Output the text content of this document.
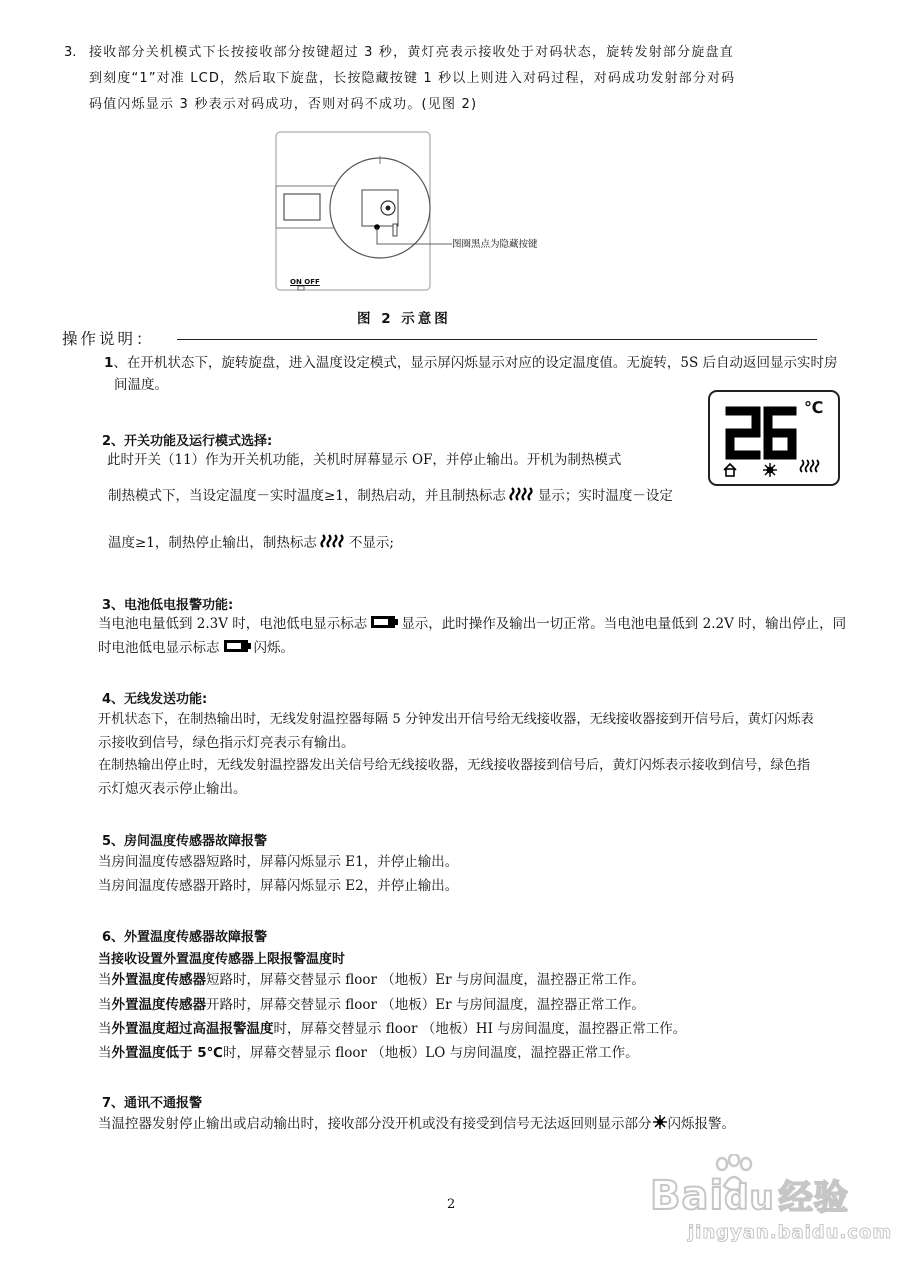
3. 接收部分关机模式下长按接收部分按键超过 3 秒，黄灯亮表示接收处于对码状态，旋转发射部分旋盘直
到刻度“1”对准 LCD，然后取下旋盘，长按隐藏按键 1 秒以上则进入对码过程，对码成功发射部分对码
码值闪烁显示 3 秒表示对码成功，否则对码不成功。(见图 2)
图圈黑点为隐藏按键
ON OFF
图 2 示意图
操作说明：
1、在开机状态下，旋转旋盘，进入温度设定模式，显示屏闪烁显示对应的设定温度值。无旋转，5S 后自动返回显示实时房
间温度。
℃
2、开关功能及运行模式选择:
此时开关（11）作为开关机功能，关机时屏幕显示 OF，并停止输出。开机为制热模式
制热模式下，当设定温度－实时温度≥1，制热启动，并且制热标志 显示；实时温度－设定
温度≥1，制热停止输出，制热标志 不显示;
3、电池低电报警功能:
当电池电量低到 2.3V 时，电池低电显示标志	显示，此时操作及输出一切正常。当电池电量低到 2.2V 时，输出停止，同
时电池低电显示标志	闪烁。
4、无线发送功能:
开机状态下，在制热输出时，无线发射温控器每隔 5 分钟发出开信号给无线接收器，无线接收器接到开信号后，黄灯闪烁表
示接收到信号，绿色指示灯亮表示有输出。
在制热输出停止时，无线发射温控器发出关信号给无线接收器，无线接收器接到信号后，黄灯闪烁表示接收到信号，绿色指
示灯熄灭表示停止输出。
5、房间温度传感器故障报警
当房间温度传感器短路时，屏幕闪烁显示 E1，并停止输出。
当房间温度传感器开路时，屏幕闪烁显示 E2，并停止输出。
6、外置温度传感器故障报警
当接收设置外置温度传感器上限报警温度时
当外置温度传感器短路时，屏幕交替显示 floor （地板）Er 与房间温度，温控器正常工作。
当外置温度传感器开路时，屏幕交替显示 floor （地板）Er 与房间温度，温控器正常工作。
当外置温度超过高温报警温度时，屏幕交替显示 floor （地板）HI 与房间温度，温控器正常工作。
当外置温度低于 5℃时，屏幕交替显示 floor （地板）LO 与房间温度，温控器正常工作。
7、通讯不通报警
当温控器发射停止输出或启动输出时，接收部分没开机或没有接受到信号无法返回则显示部分 闪烁报警。
2	Baidu 经验
jingyan.baidu.com
